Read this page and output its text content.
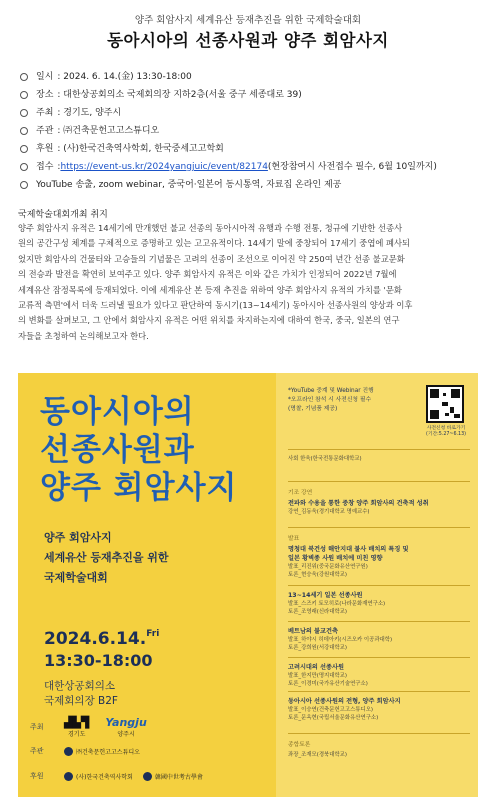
양주 회암사지 세계유산 등재추진을 위한 국제학술대회
동아시아의 선종사원과 양주 회암사지
일시 : 2024. 6. 14.(金) 13:30-18:00
장소 : 대한상공회의소 국제회의장 지하2층(서울 중구 세종대로 39)
주최 : 경기도, 양주시
주관 : ㈜건축문헌고고스튜디오
후원 : (사)한국건축역사학회, 한국중세고고학회
접수 : https://event-us.kr/2024yangjuic/event/82174 (현장참여시 사전접수 필수, 6월 10일까지)
YouTube 송출, zoom webinar, 중국어·일본어 동시통역, 자료집 온라인 제공
국제학술대회개최 취지
양주 회암사지 유적은 14세기에 만개했던 불교 선종의 동아시아적 유행과 수행 전통, 청규에 기반한 선종사
원의 공간구성 체계를 구체적으로 증명하고 있는 고고유적이다. 14세기 말에 중창되어 17세기 중엽에 폐사되
었지만 회암사의 건물터와 고승들의 기념물은 고려의 선종이 조선으로 이어진 약 250여 년간 선종 불교문화
의 전승과 발전을 확연히 보여주고 있다. 양주 회암사지 유적은 이와 같은 가치가 인정되어 2022년 7월에
세계유산 잠정목록에 등재되었다. 이에 세계유산 본 등재 추진을 위하여 양주 회암사지 유적의 가치를 '문화
교류적 측면'에서 더욱 드러낼 필요가 있다고 판단하여 동시기(13~14세기) 동아시아 선종사원의 양상과 이후
의 변화를 살펴보고, 그 안에서 회암사지 유적은 어떤 위치를 차지하는지에 대하여 한국, 중국, 일본의 연구
자들을 초청하여 논의해보고자 한다.
동아시아의
선종사원과
양주 회암사지
양주 회암사지
세계유산 등재추진을 위한
국제학술대회
2024.6.14.$^{Fri}$
13:30-18:00
대한상공회의소
국제회의장 B2F
주최	▟▙▜
경기도
Yangju
양주시
주관	㈜건축문헌고고스튜디오
후원	(사)한국건축역사학회	韓國中世考古學會
*YouTube 중계 및 Webinar 진행
*오프라인 참석 시 사전신청 필수
(명찰, 기념품 제공)
사전신청 바로가기
(기간:5.27~6.13)
사회 한욱(한국전통문화대학교)
기조 강연
전파와 수용을 통한 중창 양주 회암사의 건축적 성취
강연_김동욱(경기대학교 명예교수)
발표
명청대 북건성 해안지대 불사 배치의 특징 및
일본 황벽종 사원 배치에 미친 영향
발표_리진위(중국문화유산연구원)
토론_현승욱(강원대학교)
13~14세기 일본 선종사원
발표_스즈키 토모히로(나라문화재연구소)
토론_조영래(신라대학교)
베트남의 불교건축
발표_하야시 히데아키(시즈오카 이공과대학)
토론_강희원(서강대학교)
고려시대의 선종사원
발표_한지만(명지대학교)
토론_이경미(국가유산기술연구소)
동아시아 선종사원의 전형, 양주 회암사지
발표_이승연(건축문헌고고스튜디오)
토론_문옥현(국립서울문화유산연구소)
종합토론
좌장_조재모(경북대학교)
